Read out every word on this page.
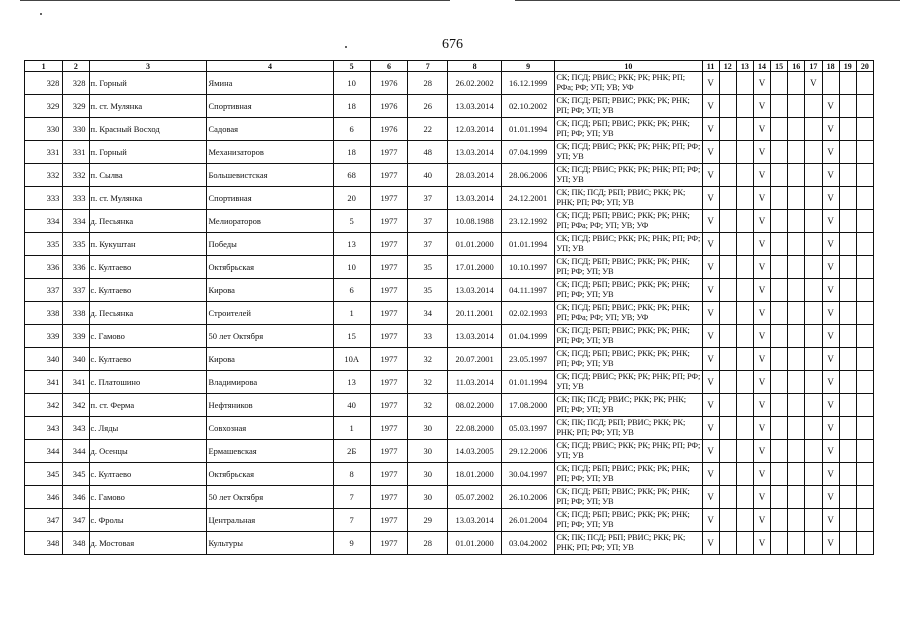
676
1	2	3	4	5	6	7	8	9	10	11	12	13	14	15	16	17	18	19	20
328	328	п. Горный	Ямина	10	1976	28	26.02.2002	16.12.1999	СК; ПСД; РВИС; РКК; РК; РНК; РП; РФа; РФ; УП; УВ; УФ	V			V			V			
329	329	п. ст. Мулянка	Спортивная	18	1976	26	13.03.2014	02.10.2002	СК; ПСД; РБП; РВИС; РКК; РК; РНК; РП; РФ; УП; УВ	V			V				V		
330	330	п. Красный Восход	Садовая	6	1976	22	12.03.2014	01.01.1994	СК; ПСД; РБП; РВИС; РКК; РК; РНК; РП; РФ; УП; УВ	V			V				V		
331	331	п. Горный	Механизаторов	18	1977	48	13.03.2014	07.04.1999	СК; ПСД; РВИС; РКК; РК; РНК; РП; РФ; УП; УВ	V			V				V		
332	332	п. Сылва	Большевистская	68	1977	40	28.03.2014	28.06.2006	СК; ПСД; РВИС; РКК; РК; РНК; РП; РФ; УП; УВ	V			V				V		
333	333	п. ст. Мулянка	Спортивная	20	1977	37	13.03.2014	24.12.2001	СК; ПК; ПСД; РБП; РВИС; РКК; РК; РНК; РП; РФ; УП; УВ	V			V				V		
334	334	д. Песьянка	Мелиораторов	5	1977	37	10.08.1988	23.12.1992	СК; ПСД; РБП; РВИС; РКК; РК; РНК; РП; РФа; РФ; УП; УВ; УФ	V			V				V		
335	335	п. Кукуштан	Победы	13	1977	37	01.01.2000	01.01.1994	СК; ПСД; РВИС; РКК; РК; РНК; РП; РФ; УП; УВ	V			V				V		
336	336	с. Култаево	Октябрьская	10	1977	35	17.01.2000	10.10.1997	СК; ПСД; РБП; РВИС; РКК; РК; РНК; РП; РФ; УП; УВ	V			V				V		
337	337	с. Култаево	Кирова	6	1977	35	13.03.2014	04.11.1997	СК; ПСД; РБП; РВИС; РКК; РК; РНК; РП; РФ; УП; УВ	V			V				V		
338	338	д. Песьянка	Строителей	1	1977	34	20.11.2001	02.02.1993	СК; ПСД; РБП; РВИС; РКК; РК; РНК; РП; РФа; РФ; УП; УВ; УФ	V			V				V		
339	339	с. Гамово	50 лет Октября	15	1977	33	13.03.2014	01.04.1999	СК; ПСД; РБП; РВИС; РКК; РК; РНК; РП; РФ; УП; УВ	V			V				V		
340	340	с. Култаево	Кирова	10А	1977	32	20.07.2001	23.05.1997	СК; ПСД; РБП; РВИС; РКК; РК; РНК; РП; РФ; УП; УВ	V			V				V		
341	341	с. Платошино	Владимирова	13	1977	32	11.03.2014	01.01.1994	СК; ПСД; РВИС; РКК; РК; РНК; РП; РФ; УП; УВ	V			V				V		
342	342	п. ст. Ферма	Нефтяников	40	1977	32	08.02.2000	17.08.2000	СК; ПК; ПСД; РВИС; РКК; РК; РНК; РП; РФ; УП; УВ	V			V				V		
343	343	с. Ляды	Совхозная	1	1977	30	22.08.2000	05.03.1997	СК; ПК; ПСД; РБП; РВИС; РКК; РК; РНК; РП; РФ; УП; УВ	V			V				V		
344	344	д. Осенцы	Ермашевская	2Б	1977	30	14.03.2005	29.12.2006	СК; ПСД; РВИС; РКК; РК; РНК; РП; РФ; УП; УВ	V			V				V		
345	345	с. Култаево	Октябрьская	8	1977	30	18.01.2000	30.04.1997	СК; ПСД; РБП; РВИС; РКК; РК; РНК; РП; РФ; УП; УВ	V			V				V		
346	346	с. Гамово	50 лет Октября	7	1977	30	05.07.2002	26.10.2006	СК; ПСД; РБП; РВИС; РКК; РК; РНК; РП; РФ; УП; УВ	V			V				V		
347	347	с. Фролы	Центральная	7	1977	29	13.03.2014	26.01.2004	СК; ПСД; РБП; РВИС; РКК; РК; РНК; РП; РФ; УП; УВ	V			V				V		
348	348	д. Мостовая	Культуры	9	1977	28	01.01.2000	03.04.2002	СК; ПК; ПСД; РБП; РВИС; РКК; РК; РНК; РП; РФ; УП; УВ	V			V				V		
